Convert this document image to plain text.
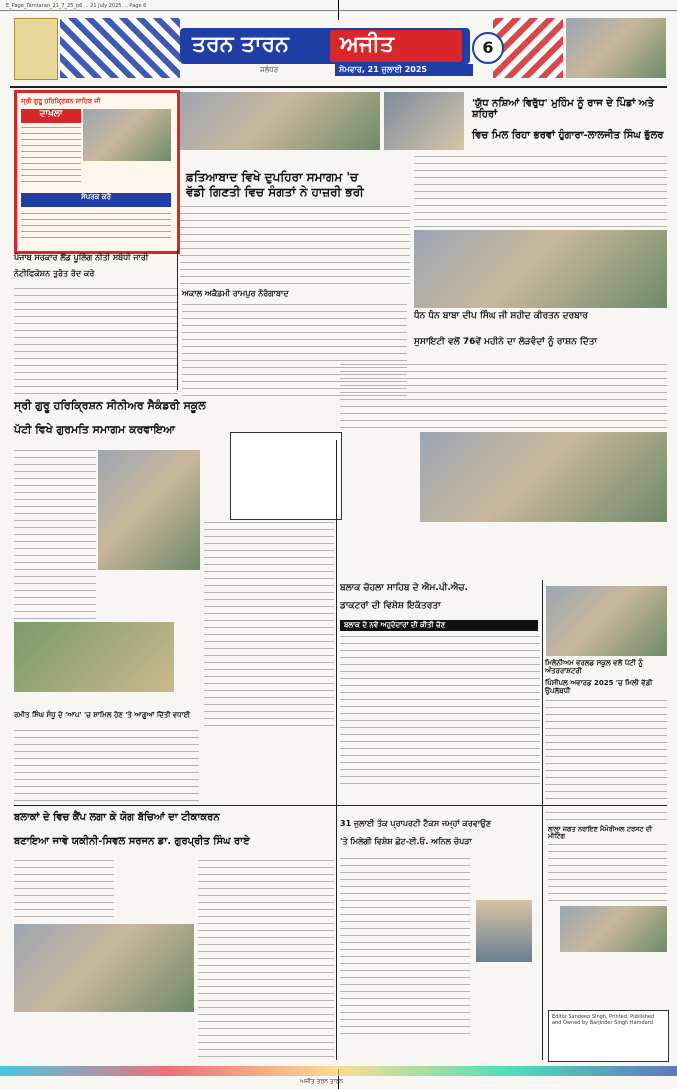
E_Page_Tarntaran_21_7_25_p6 ... 21 July 2025 ... Page 6
ਤਰਨ ਤਾਰਨ	ਅਜੀਤ	6
ਜਲੰਧਰ	ਸੋਮਵਾਰ, 21 ਜੁਲਾਈ 2025
ਸ੍ਰੀ ਗੁਰੂ ਹਰਿਕ੍ਰਿਸ਼ਨ ਸਾਹਿਬ ਜੀ
ਦਾਖ਼ਲਾ
ਸੰਪਰਕ ਕਰੋ
ਫ਼ਤਿਆਬਾਦ ਵਿਖੇ ਦੁਪਹਿਰਾ ਸਮਾਗਮ 'ਚ
ਵੱਡੀ ਗਿਣਤੀ ਵਿਚ ਸੰਗਤਾਂ ਨੇ ਹਾਜ਼ਰੀ ਭਰੀ
'ਯੁੱਧ ਨਸ਼ਿਆਂ ਵਿਰੁੱਧ' ਮੁਹਿੰਮ ਨੂੰ ਰਾਜ ਦੇ ਪਿੰਡਾਂ ਅਤੇ ਸ਼ਹਿਰਾਂ
ਵਿਚ ਮਿਲ ਰਿਹਾ ਭਰਵਾਂ ਹੁੰਗਾਰਾ-ਲਾਲਜੀਤ ਸਿੰਘ ਭੁੱਲਰ
ਪੰਜਾਬ ਸਰਕਾਰ ਲੈਂਡ ਪੂਲਿੰਗ ਨੀਤੀ ਸਬੰਧੀ ਜਾਰੀ
ਨੋਟੀਫਿਕੇਸ਼ਨ ਤੁਰੰਤ ਰੱਦ ਕਰੇ
ਅਕਾਲ ਅਕੈਡਮੀ ਰਾਮਪੁਰ ਨੌਰੰਗਾਬਾਦ
ਧੰਨ ਧੰਨ ਬਾਬਾ ਦੀਪ ਸਿੰਘ ਜੀ ਸ਼ਹੀਦ ਕੀਰਤਨ ਦਰਬਾਰ
ਸੁਸਾਇਟੀ ਵਲੋਂ 76ਵੇਂ ਮਹੀਨੇ ਦਾ ਲੋੜਵੰਦਾਂ ਨੂੰ ਰਾਸ਼ਨ ਦਿੱਤਾ
ਸ੍ਰੀ ਗੁਰੂ ਹਰਿਕ੍ਰਿਸ਼ਨ ਸੀਨੀਅਰ ਸੈਕੰਡਰੀ ਸਕੂਲ
ਪੱਟੀ ਵਿਖੇ ਗੁਰਮਤਿ ਸਮਾਗਮ ਕਰਵਾਇਆ
ਬਲਾਕ ਚੋਹਲਾ ਸਾਹਿਬ ਦੇ ਐਮ.ਪੀ.ਐਚ.
ਡਾਕਟਰਾਂ ਦੀ ਵਿਸ਼ੇਸ਼ ਇਕੱਤਰਤਾ
ਬਲਾਕ ਦੇ ਨਵੇਂ ਅਹੁਦੇਦਾਰਾਂ ਦੀ ਕੀਤੀ ਚੋਣ
ਰਮੀਤ ਸਿੰਘ ਸੰਧੂ ਦੇ 'ਆਪ' 'ਚ ਸ਼ਾਮਿਲ ਹੋਣ 'ਤੇ ਆਗੂਆਂ ਦਿੱਤੀ ਵਧਾਈ
ਮਿਲੇਨੀਅਮ ਵਰਲਡ ਸਕੂਲ ਵਲੋਂ ਪੱਟੀ ਨੂੰ ਅੰਤਰਰਾਸ਼ਟਰੀ
ਪਿੰਸੀਪਲ ਅਵਾਰਡ 2025 'ਚ ਮਿਲੀ ਵੱਡੀ ਉਪਲੱਬਧੀ
ਬਲਾਕਾਂ ਦੇ ਵਿਚ ਕੈਂਪ ਲਗਾ ਕੇ ਯੋਗ ਬੱਚਿਆਂ ਦਾ ਟੀਕਾਕਰਨ
ਬਣਾਇਆ ਜਾਵੇ ਯਕੀਨੀ-ਸਿਵਲ ਸਰਜਨ ਡਾ. ਗੁਰਪ੍ਰੀਤ ਸਿੰਘ ਰਾਏ
31 ਜੁਲਾਈ ਤੱਕ ਪ੍ਰਾਪਰਟੀ ਟੈਕਸ ਜਮ੍ਹਾਂ ਕਰਵਾਉਣ
'ਤੇ ਮਿਲੇਗੀ ਵਿਸ਼ੇਸ਼ ਛੋਟ-ਈ.ਓ. ਅਨਿਲ ਚੋਪੜਾ
ਲਾਲਾ ਜਗਤ ਨਰਾਇਣ ਮੈਮੋਰੀਅਲ ਟਰਸਟ ਦੀ ਮੀਟਿੰਗ
Editor Sandeep Singh, Printed, Published and Owned by Barjinder Singh Hamdard
ਅਜੀਤ ਤਰਨ ਤਾਰਨ
